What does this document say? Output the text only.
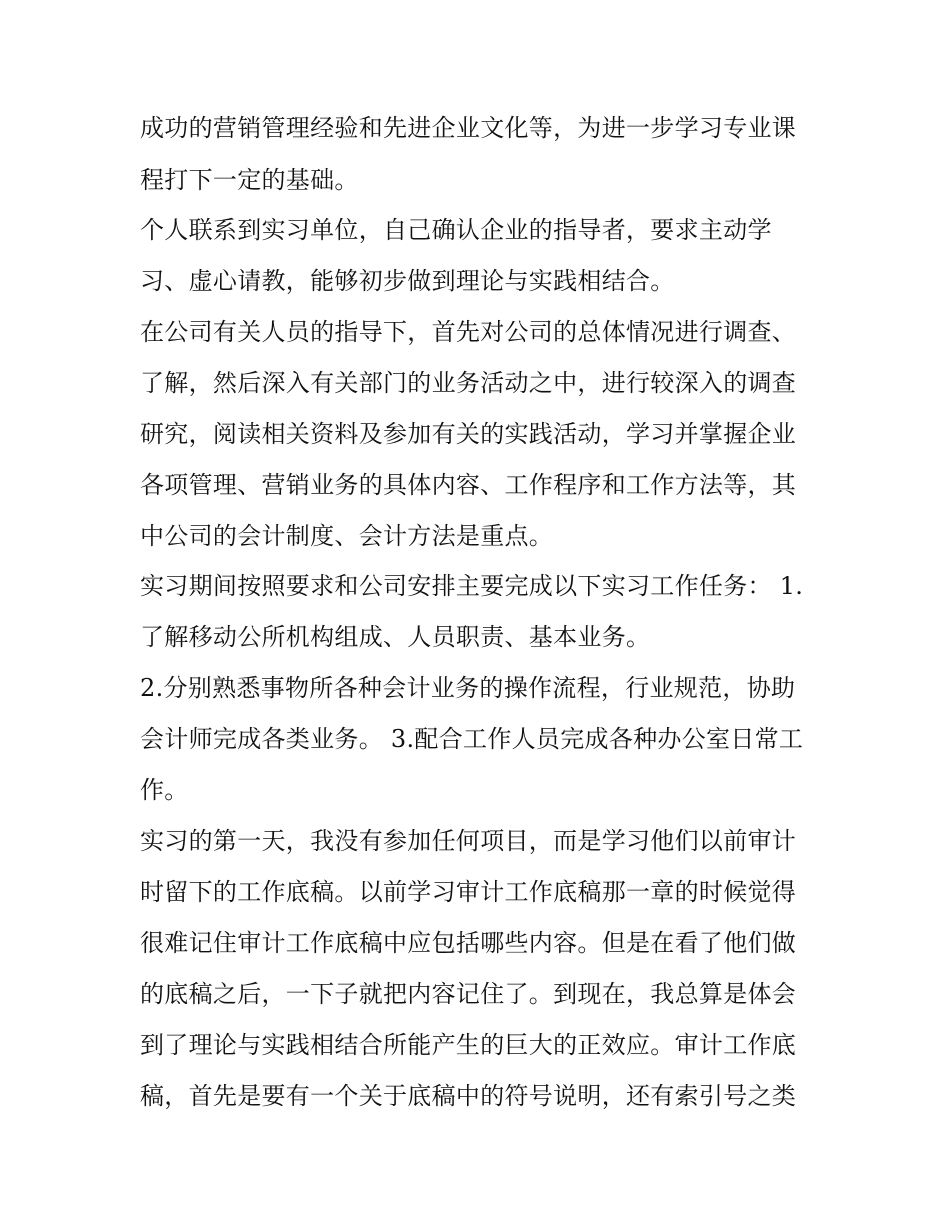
成功的营销管理经验和先进企业文化等，为进一步学习专业课
程打下一定的基础。
个人联系到实习单位，自己确认企业的指导者，要求主动学
习、虚心请教，能够初步做到理论与实践相结合。
在公司有关人员的指导下，首先对公司的总体情况进行调查、
了解，然后深入有关部门的业务活动之中，进行较深入的调查
研究，阅读相关资料及参加有关的实践活动，学习并掌握企业
各项管理、营销业务的具体内容、工作程序和工作方法等，其
中公司的会计制度、会计方法是重点。
实习期间按照要求和公司安排主要完成以下实习工作任务： 1.
了解移动公所机构组成、人员职责、基本业务。
2.分别熟悉事物所各种会计业务的操作流程，行业规范，协助
会计师完成各类业务。 3.配合工作人员完成各种办公室日常工
作。
实习的第一天，我没有参加任何项目，而是学习他们以前审计
时留下的工作底稿。以前学习审计工作底稿那一章的时候觉得
很难记住审计工作底稿中应包括哪些内容。但是在看了他们做
的底稿之后，一下子就把内容记住了。到现在，我总算是体会
到了理论与实践相结合所能产生的巨大的正效应。审计工作底
稿，首先是要有一个关于底稿中的符号说明，还有索引号之类
